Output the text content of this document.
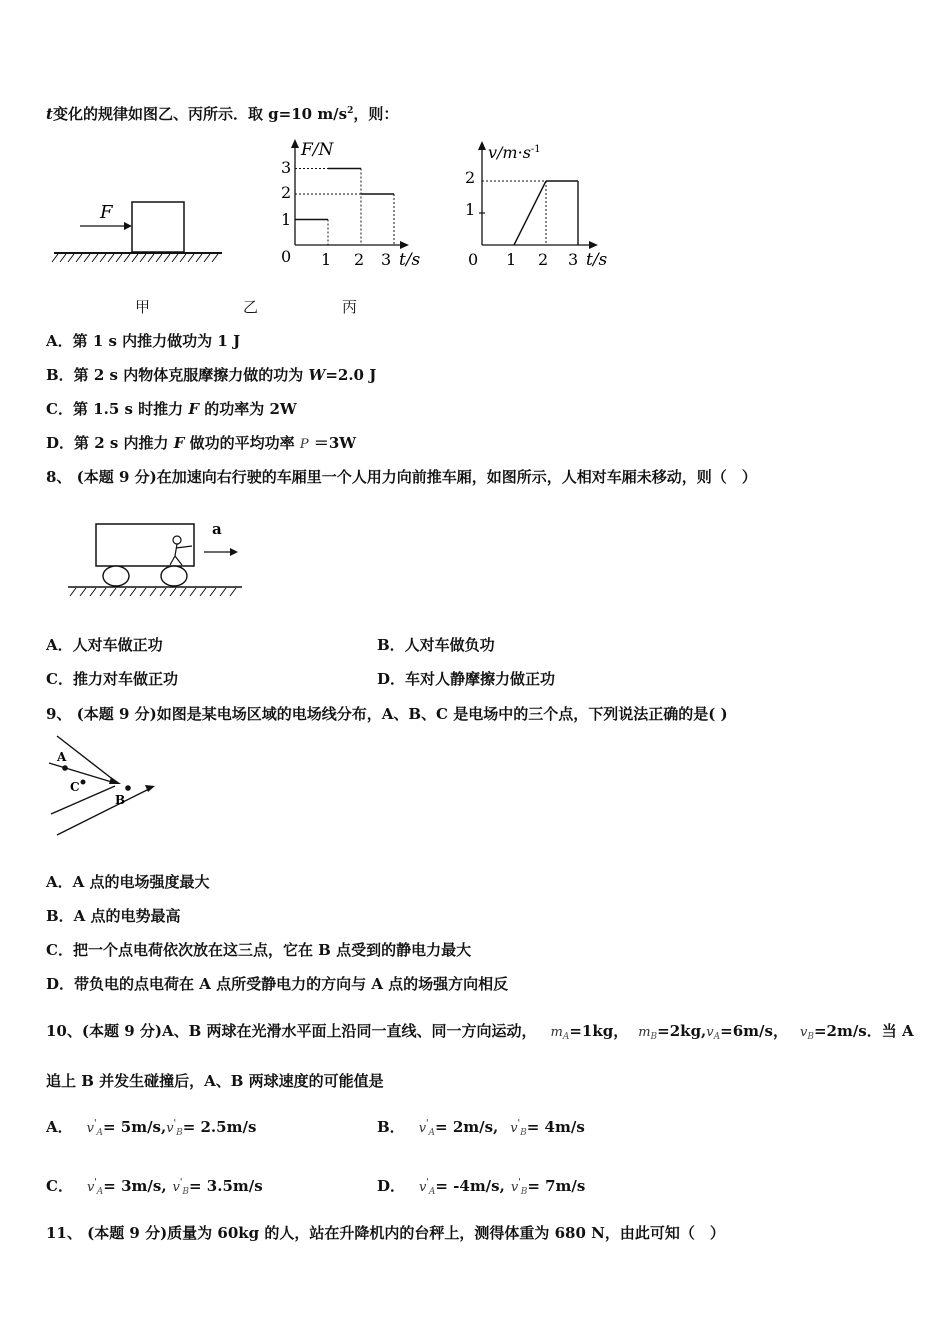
t变化的规律如图乙、丙所示．取 g=10 $m/s^2$，则：
F
甲
F/N
t/s
3
2
1
0 1 2 3
乙
$v/m\cdot s^{-1}$
t/s
2
1
0 1 2 3
丙
A．第 1 s 内推力做功为 1 J
B．第 2 s 内物体克服摩擦力做的功为 W=2.0 J
C．第 1.5 s 时推力 F 的功率为 2W
D．第 2 s 内推力 F 做功的平均功率 P ＝3W
8、 (本题 9 分)在加速向右行驶的车厢里一个人用力向前推车厢，如图所示，人相对车厢未移动，则（　）
a
A．人对车做正功	B．人对车做负功
C．推力对车做正功	D．车对人静摩擦力做正功
9、 (本题 9 分)如图是某电场区域的电场线分布，A、B、C 是电场中的三个点，下列说法正确的是( )
A
C
B
A．A 点的电场强度最大
B．A 点的电势最高
C．把一个点电荷依次放在这三点，它在 B 点受到的静电力最大
D．带负电的点电荷在 A 点所受静电力的方向与 A 点的场强方向相反
10、(本题 9 分)A、B 两球在光滑水平面上沿同一直线、同一方向运动， $m_A=1kg$， $m_B=2kg,v_A=6m/s$， $v_B=2m/s$．当 A
追上 B 并发生碰撞后，A、B 两球速度的可能值是
A． $v'_A= 5m/s,v'_B= 2.5m/s$	B． $v'_A= 2m/s$, $v'_B= 4m/s$
C． $v'_A= 3m/s$, $v'_B= 3.5m/s$	D． $v'_A= -4m/s$, $v'_B= 7m/s$
11、 (本题 9 分)质量为 60kg 的人，站在升降机内的台秤上，测得体重为 680 N，由此可知（　）
